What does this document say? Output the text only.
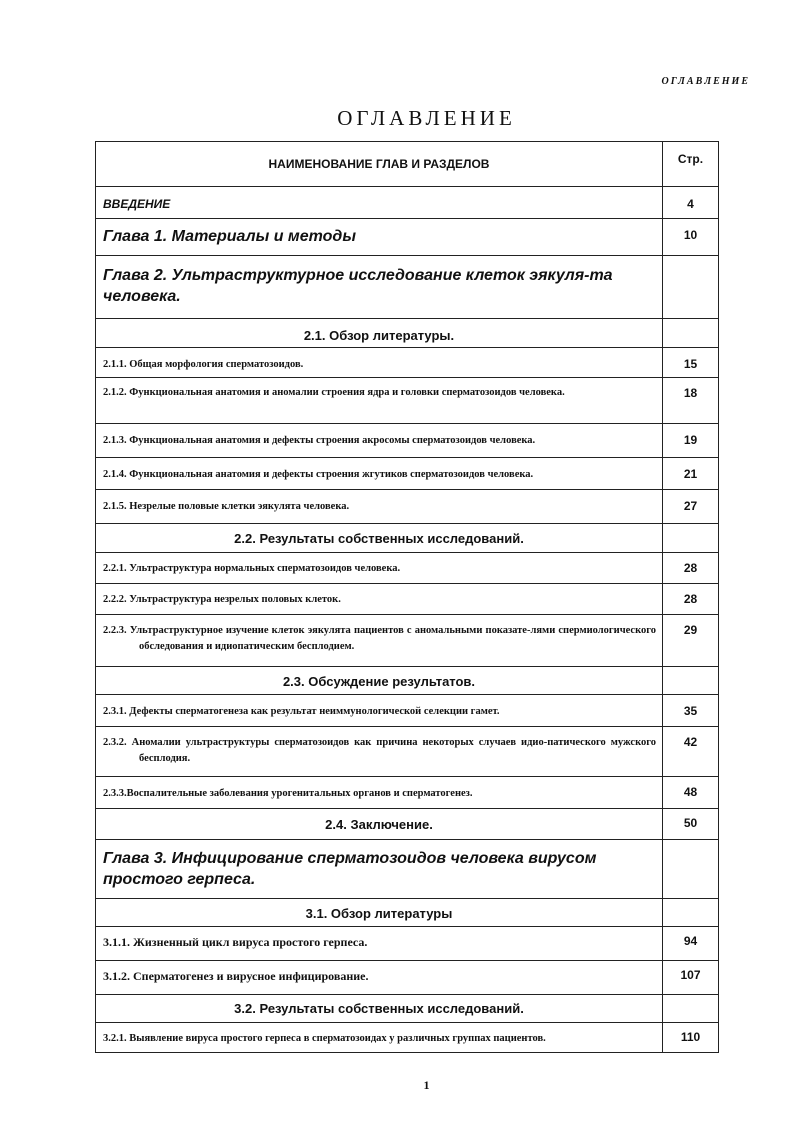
ОГЛАВЛЕНИЕ
ОГЛАВЛЕНИЕ
НАИМЕНОВАНИЕ ГЛАВ И РАЗДЕЛОВ	Стр.
ВВЕДЕНИЕ	4
Глава 1. Материалы и методы	10
Глава 2. Ультраструктурное исследование клеток эякуля-та человека.	
2.1. Обзор литературы.	
2.1.1. Общая морфология сперматозоидов.	15

2.1.2. Функциональная анатомия и аномалии строения ядра и головки сперматозоидов человека.	18
2.1.3. Функциональная анатомия и дефекты строения акросомы сперматозоидов человека.	19
2.1.4. Функциональная анатомия и дефекты строения жгутиков сперматозоидов человека.	21
2.1.5. Незрелые половые клетки эякулята человека.	27
2.2. Результаты собственных исследований.	
2.2.1. Ультраструктура нормальных сперматозоидов человека.	28
2.2.2. Ультраструктура незрелых половых клеток.	28

2.2.3. Ультраструктурное изучение клеток эякулята пациентов с аномальными показате-лями спермиологического обследования и идиопатическим бесплодием.	29
2.3. Обсуждение результатов.	
2.3.1. Дефекты сперматогенеза как результат неиммунологической селекции гамет.	35

2.3.2. Аномалии ультраструктуры сперматозоидов как причина некоторых случаев идио-патического мужского бесплодия.	42
2.3.3.Воспалительные заболевания урогенитальных органов и сперматогенез.	48
2.4. Заключение.	50
Глава 3. Инфицирование сперматозоидов человека вирусом простого герпеса.	
3.1. Обзор литературы	
3.1.1. Жизненный цикл вируса простого герпеса.	94
3.1.2. Сперматогенез и вирусное инфицирование.	107
3.2. Результаты собственных исследований.	
3.2.1. Выявление вируса простого герпеса в сперматозоидах у различных группах пациентов.	110
1
